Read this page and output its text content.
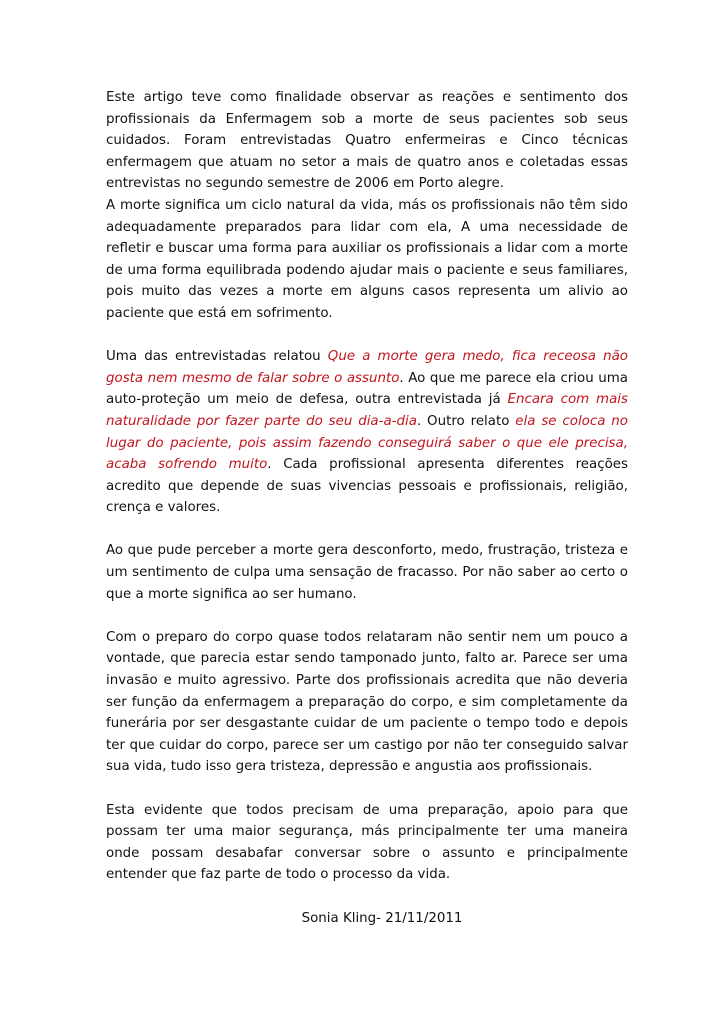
Este artigo teve como finalidade observar as reações e sentimento dos profissionais da Enfermagem sob a morte de seus pacientes sob seus cuidados. Foram entrevistadas Quatro enfermeiras e Cinco técnicas enfermagem que atuam no setor a mais de quatro anos e coletadas essas entrevistas no segundo semestre de 2006 em Porto alegre.

A morte significa um ciclo natural da vida, más os profissionais não têm sido adequadamente preparados para lidar com ela, A uma necessidade de refletir e buscar uma forma para auxiliar os profissionais a lidar com a morte de uma forma equilibrada podendo ajudar mais o paciente e seus familiares, pois muito das vezes a morte em alguns casos representa um alivio ao paciente que está em sofrimento.

Uma das entrevistadas relatou Que a morte gera medo, fica receosa não gosta nem mesmo de falar sobre o assunto. Ao que me parece ela criou uma auto-proteção um meio de defesa, outra entrevistada já Encara com mais naturalidade por fazer parte do seu dia-a-dia. Outro relato ela se coloca no lugar do paciente, pois assim fazendo conseguirá saber o que ele precisa, acaba sofrendo muito. Cada profissional apresenta diferentes reações acredito que depende de suas vivencias pessoais e profissionais, religião, crença e valores.

Ao que pude perceber a morte gera desconforto, medo, frustração, tristeza e um sentimento de culpa uma sensação de fracasso. Por não saber ao certo o que a morte significa ao ser humano.

Com o preparo do corpo quase todos relataram não sentir nem um pouco a vontade, que parecia estar sendo tamponado junto, falto ar. Parece ser uma invasão e muito agressivo. Parte dos profissionais acredita que não deveria ser função da enfermagem a preparação do corpo, e sim completamente da funerária por ser desgastante cuidar de um paciente o tempo todo e depois ter que cuidar do corpo, parece ser um castigo por não ter conseguido salvar sua vida, tudo isso gera tristeza, depressão e angustia aos profissionais.

Esta evidente que todos precisam de uma preparação, apoio para que possam ter uma maior segurança, más principalmente ter uma maneira onde possam desabafar conversar sobre o assunto e principalmente entender que faz parte de todo o processo da vida.

Sonia Kling- 21/11/2011
